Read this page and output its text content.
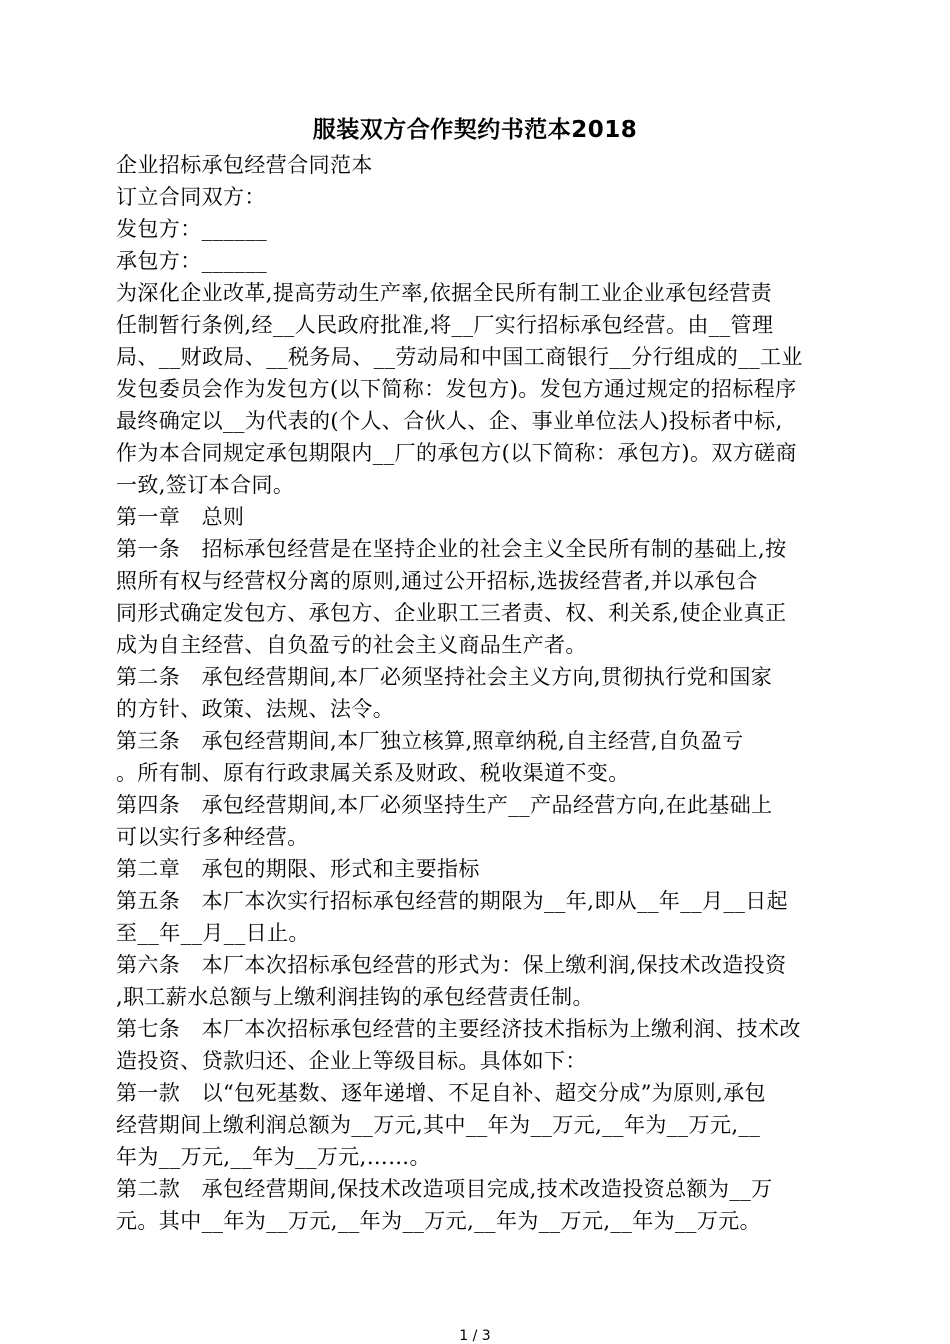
服装双方合作契约书范本2018
企业招标承包经营合同范本
订立合同双方：
发包方：______
承包方：______
为深化企业改革,提高劳动生产率,依据全民所有制工业企业承包经营责
任制暂行条例,经__人民政府批准,将__厂实行招标承包经营。由__管理
局、__财政局、__税务局、__劳动局和中国工商银行__分行组成的__工业
发包委员会作为发包方(以下简称：发包方)。发包方通过规定的招标程序
最终确定以__为代表的(个人、合伙人、企、事业单位法人)投标者中标,
作为本合同规定承包期限内__厂的承包方(以下简称：承包方)。双方磋商
一致,签订本合同。
第一章　总则
第一条　招标承包经营是在坚持企业的社会主义全民所有制的基础上,按
照所有权与经营权分离的原则,通过公开招标,选拔经营者,并以承包合
同形式确定发包方、承包方、企业职工三者责、权、利关系,使企业真正
成为自主经营、自负盈亏的社会主义商品生产者。
第二条　承包经营期间,本厂必须坚持社会主义方向,贯彻执行党和国家
的方针、政策、法规、法令。
第三条　承包经营期间,本厂独立核算,照章纳税,自主经营,自负盈亏
。所有制、原有行政隶属关系及财政、税收渠道不变。
第四条　承包经营期间,本厂必须坚持生产__产品经营方向,在此基础上
可以实行多种经营。
第二章　承包的期限、形式和主要指标
第五条　本厂本次实行招标承包经营的期限为__年,即从__年__月__日起
至__年__月__日止。
第六条　本厂本次招标承包经营的形式为：保上缴利润,保技术改造投资
,职工薪水总额与上缴利润挂钩的承包经营责任制。
第七条　本厂本次招标承包经营的主要经济技术指标为上缴利润、技术改
造投资、贷款归还、企业上等级目标。具体如下：
第一款　以“包死基数、逐年递增、不足自补、超交分成”为原则,承包
经营期间上缴利润总额为__万元,其中__年为__万元,__年为__万元,__
年为__万元,__年为__万元,……。
第二款　承包经营期间,保技术改造项目完成,技术改造投资总额为__万
元。其中__年为__万元,__年为__万元,__年为__万元,__年为__万元。
1 / 3
